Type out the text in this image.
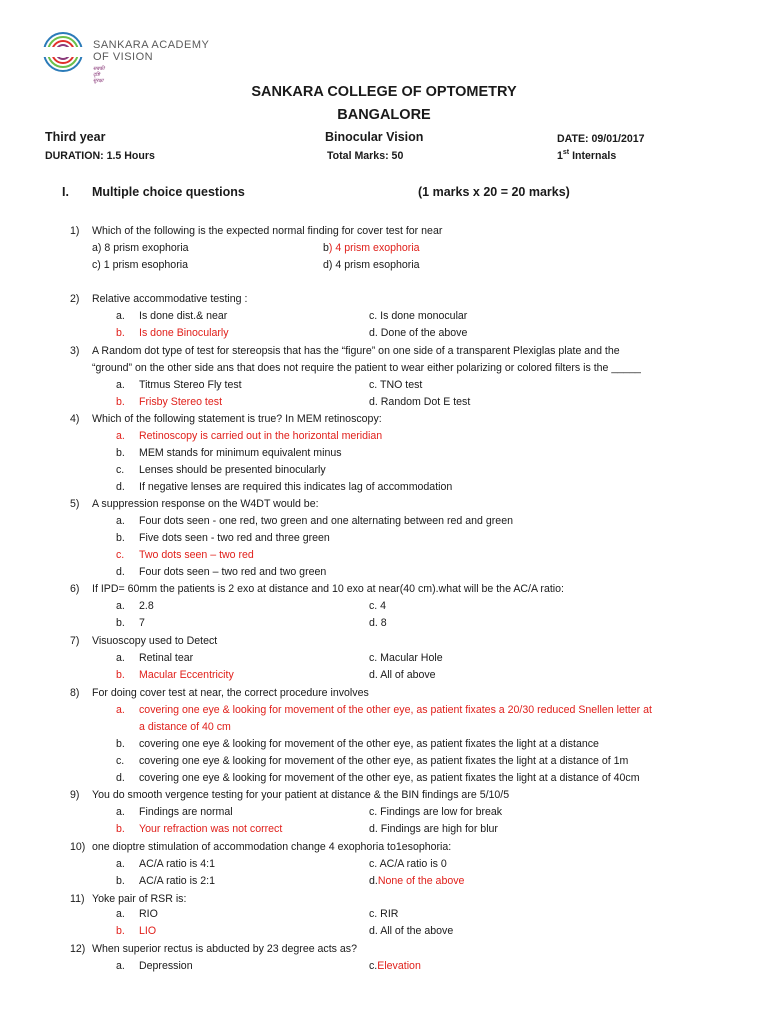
SANKARA ACADEMY
OF VISION
सबकी दृष्टि सुरक्षा
SANKARA COLLEGE OF OPTOMETRY
BANGALORE
Third year	Binocular Vision	DATE: 09/01/2017
DURATION: 1.5 Hours	Total Marks: 50	1st Internals
I. Multiple choice questions	(1 marks x 20 = 20 marks)
1) Which of the following is the expected normal finding for cover test for near
a) 8 prism exophoria	b ) 4 prism exophoria
c) 1 prism esophoria	d) 4 prism esophoria
2) Relative accommodative testing :
a. Is done dist.& near	c. Is done monocular
b. Is done Binocularly	d. Done of the above
3) A Random dot type of test for stereopsis that has the “figure” on one side of a transparent Plexiglas plate and the
“ground” on the other side ans that does not require the patient to wear either polarizing or colored filters is the _____
a. Titmus Stereo Fly test	c. TNO test
b. Frisby Stereo test	d. Random Dot E test
4) Which of the following statement is true? In MEM retinoscopy:
a. Retinoscopy is carried out in the horizontal meridian
b. MEM stands for minimum equivalent minus
c. Lenses should be presented binocularly
d. If negative lenses are required this indicates lag of accommodation
5) A suppression response on the W4DT would be:
a. Four dots seen - one red, two green and one alternating between red and green
b. Five dots seen - two red and three green
c. Two dots seen – two red
d. Four dots seen – two red and two green
6) If IPD= 60mm the patients is 2 exo at distance and 10 exo at near(40 cm).what will be the AC/A ratio:
a. 2.8	c. 4
b. 7	d. 8
7) Visuoscopy used to Detect
a. Retinal tear	c. Macular Hole
b. Macular Eccentricity	d. All of above
8) For doing cover test at near, the correct procedure involves
a. covering one eye & looking for movement of the other eye, as patient fixates a 20/30 reduced Snellen letter at
a distance of 40 cm
b. covering one eye & looking for movement of the other eye, as patient fixates the light at a distance
c. covering one eye & looking for movement of the other eye, as patient fixates the light at a distance of 1m
d. covering one eye & looking for movement of the other eye, as patient fixates the light at a distance of 40cm
9) You do smooth vergence testing for your patient at distance & the BIN findings are 5/10/5
a. Findings are normal	c. Findings are low for break
b. Your refraction was not correct	d. Findings are high for blur
10) one dioptre stimulation of accommodation change 4 exophoria to1esophoria:
a. AC/A ratio is 4:1	c. AC/A ratio is 0
b. AC/A ratio is 2:1	d. None of the above
11) Yoke pair of RSR is:
a. RIO	c. RIR
b. LIO	d. All of the above
12) When superior rectus is abducted by 23 degree acts as?
a. Depression	c. Elevation
